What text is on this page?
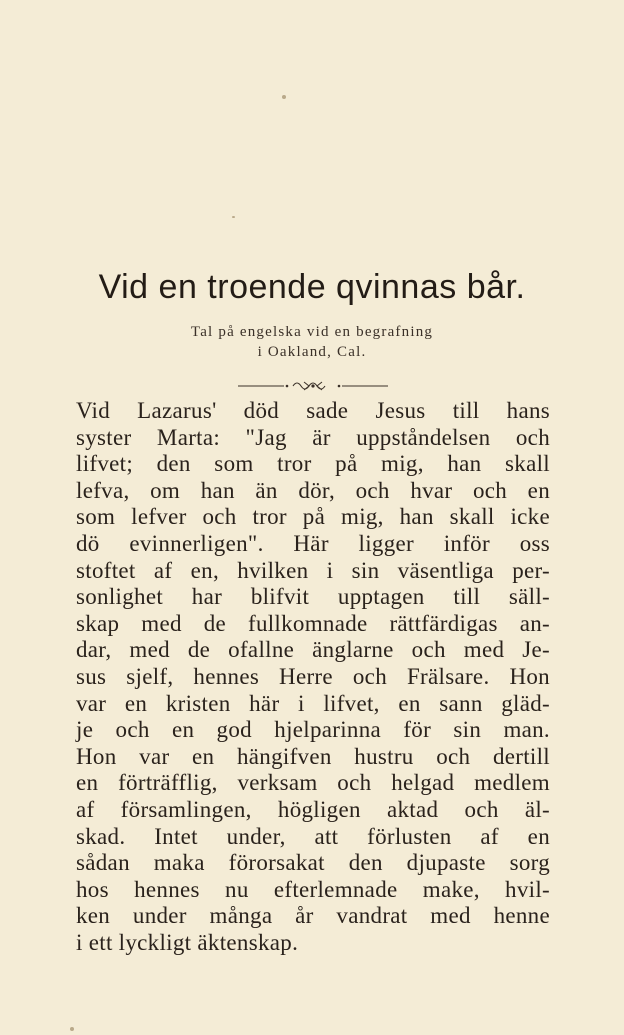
Vid en troende qvinnas bår.
Tal på engelska vid en begrafning
i Oakland, Cal.
Vid Lazarus' död sade Jesus till hans
syster Marta: "Jag är uppståndelsen och
lifvet; den som tror på mig, han skall
lefva, om han än dör, och hvar och en
som lefver och tror på mig, han skall icke
dö evinnerligen". Här ligger inför oss
stoftet af en, hvilken i sin väsentliga per-
sonlighet har blifvit upptagen till säll-
skap med de fullkomnade rättfärdigas an-
dar, med de ofallne änglarne och med Je-
sus sjelf, hennes Herre och Frälsare. Hon
var en kristen här i lifvet, en sann gläd-
je och en god hjelparinna för sin man.
Hon var en hängifven hustru och dertill
en förträfflig, verksam och helgad medlem
af församlingen, högligen aktad och äl-
skad. Intet under, att förlusten af en
sådan maka förorsakat den djupaste sorg
hos hennes nu efterlemnade make, hvil-
ken under många år vandrat med henne
i ett lyckligt äktenskap.
